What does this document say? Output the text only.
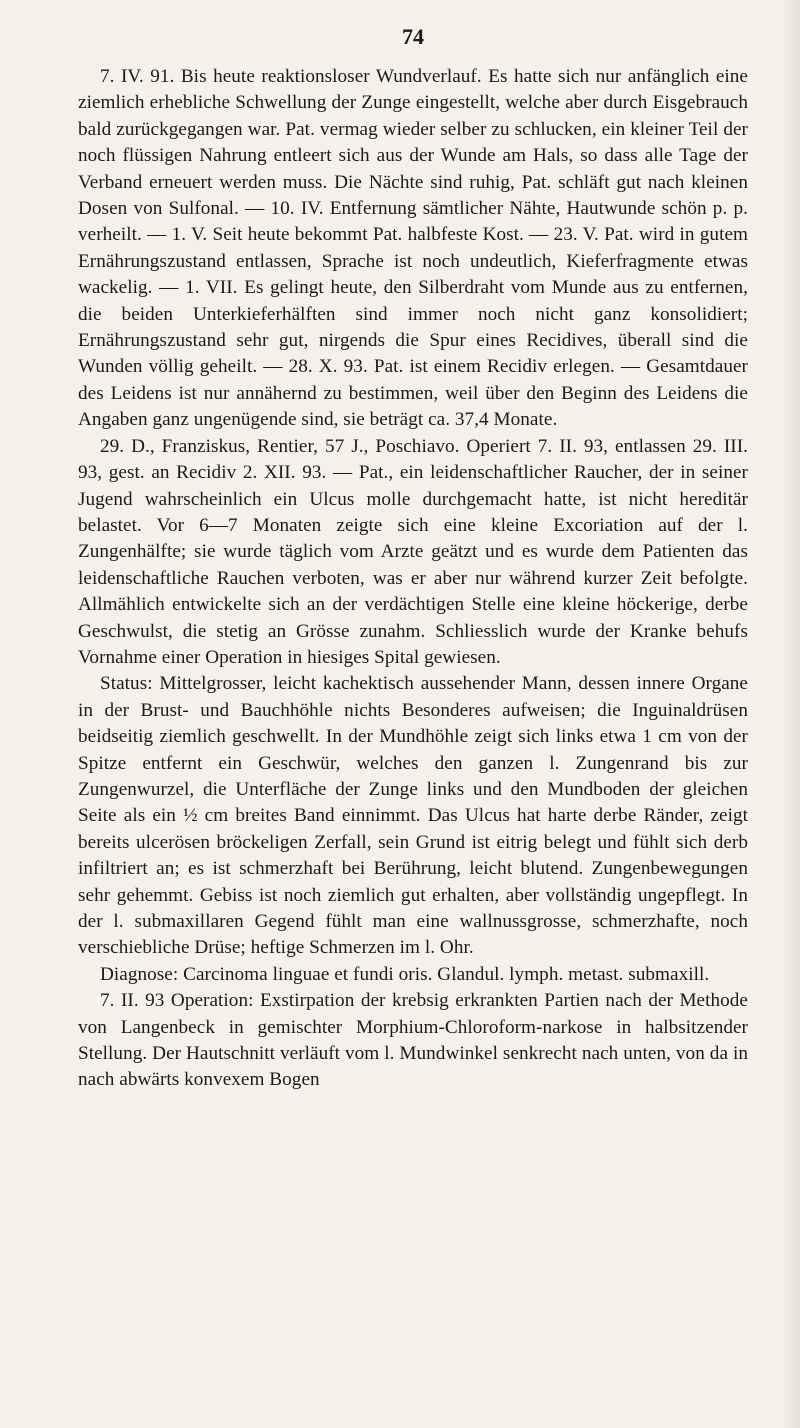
74

7. IV. 91. Bis heute reaktionsloser Wundverlauf. Es hatte sich nur anfänglich eine ziemlich erhebliche Schwellung der Zunge eingestellt, welche aber durch Eisgebrauch bald zurückgegangen war. Pat. vermag wieder selber zu schlucken, ein kleiner Teil der noch flüssigen Nahrung entleert sich aus der Wunde am Hals, so dass alle Tage der Verband erneuert werden muss. Die Nächte sind ruhig, Pat. schläft gut nach kleinen Dosen von Sulfonal. — 10. IV. Entfernung sämtlicher Nähte, Hautwunde schön p. p. verheilt. — 1. V. Seit heute bekommt Pat. halbfeste Kost. — 23. V. Pat. wird in gutem Ernährungszustand entlassen, Sprache ist noch undeutlich, Kieferfragmente etwas wackelig. — 1. VII. Es gelingt heute, den Silberdraht vom Munde aus zu entfernen, die beiden Unterkieferhälften sind immer noch nicht ganz konsolidiert; Ernährungszustand sehr gut, nirgends die Spur eines Recidives, überall sind die Wunden völlig geheilt. — 28. X. 93. Pat. ist einem Recidiv erlegen. — Gesamtdauer des Leidens ist nur annähernd zu bestimmen, weil über den Beginn des Leidens die Angaben ganz ungenügende sind, sie beträgt ca. 37,4 Monate.

29. D., Franziskus, Rentier, 57 J., Poschiavo. Operiert 7. II. 93, entlassen 29. III. 93, gest. an Recidiv 2. XII. 93. — Pat., ein leidenschaftlicher Raucher, der in seiner Jugend wahrscheinlich ein Ulcus molle durchgemacht hatte, ist nicht hereditär belastet. Vor 6—7 Monaten zeigte sich eine kleine Excoriation auf der l. Zungenhälfte; sie wurde täglich vom Arzte geätzt und es wurde dem Patienten das leidenschaftliche Rauchen verboten, was er aber nur während kurzer Zeit befolgte. Allmählich entwickelte sich an der verdächtigen Stelle eine kleine höckerige, derbe Geschwulst, die stetig an Grösse zunahm. Schliesslich wurde der Kranke behufs Vornahme einer Operation in hiesiges Spital gewiesen.

Status: Mittelgrosser, leicht kachektisch aussehender Mann, dessen innere Organe in der Brust- und Bauchhöhle nichts Besonderes aufweisen; die Inguinaldrüsen beidseitig ziemlich geschwellt. In der Mundhöhle zeigt sich links etwa 1 cm von der Spitze entfernt ein Geschwür, welches den ganzen l. Zungenrand bis zur Zungenwurzel, die Unterfläche der Zunge links und den Mundboden der gleichen Seite als ein ½ cm breites Band einnimmt. Das Ulcus hat harte derbe Ränder, zeigt bereits ulcerösen bröckeligen Zerfall, sein Grund ist eitrig belegt und fühlt sich derb infiltriert an; es ist schmerzhaft bei Berührung, leicht blutend. Zungenbewegungen sehr gehemmt. Gebiss ist noch ziemlich gut erhalten, aber vollständig ungepflegt. In der l. submaxillaren Gegend fühlt man eine wallnussgrosse, schmerzhafte, noch verschiebliche Drüse; heftige Schmerzen im l. Ohr.

Diagnose: Carcinoma linguae et fundi oris. Glandul. lymph. metast. submaxill.

7. II. 93 Operation: Exstirpation der krebsig erkrankten Partien nach der Methode von Langenbeck in gemischter Morphium-Chloroform-narkose in halbsitzender Stellung. Der Hautschnitt verläuft vom l. Mundwinkel senkrecht nach unten, von da in nach abwärts konvexem Bogen
